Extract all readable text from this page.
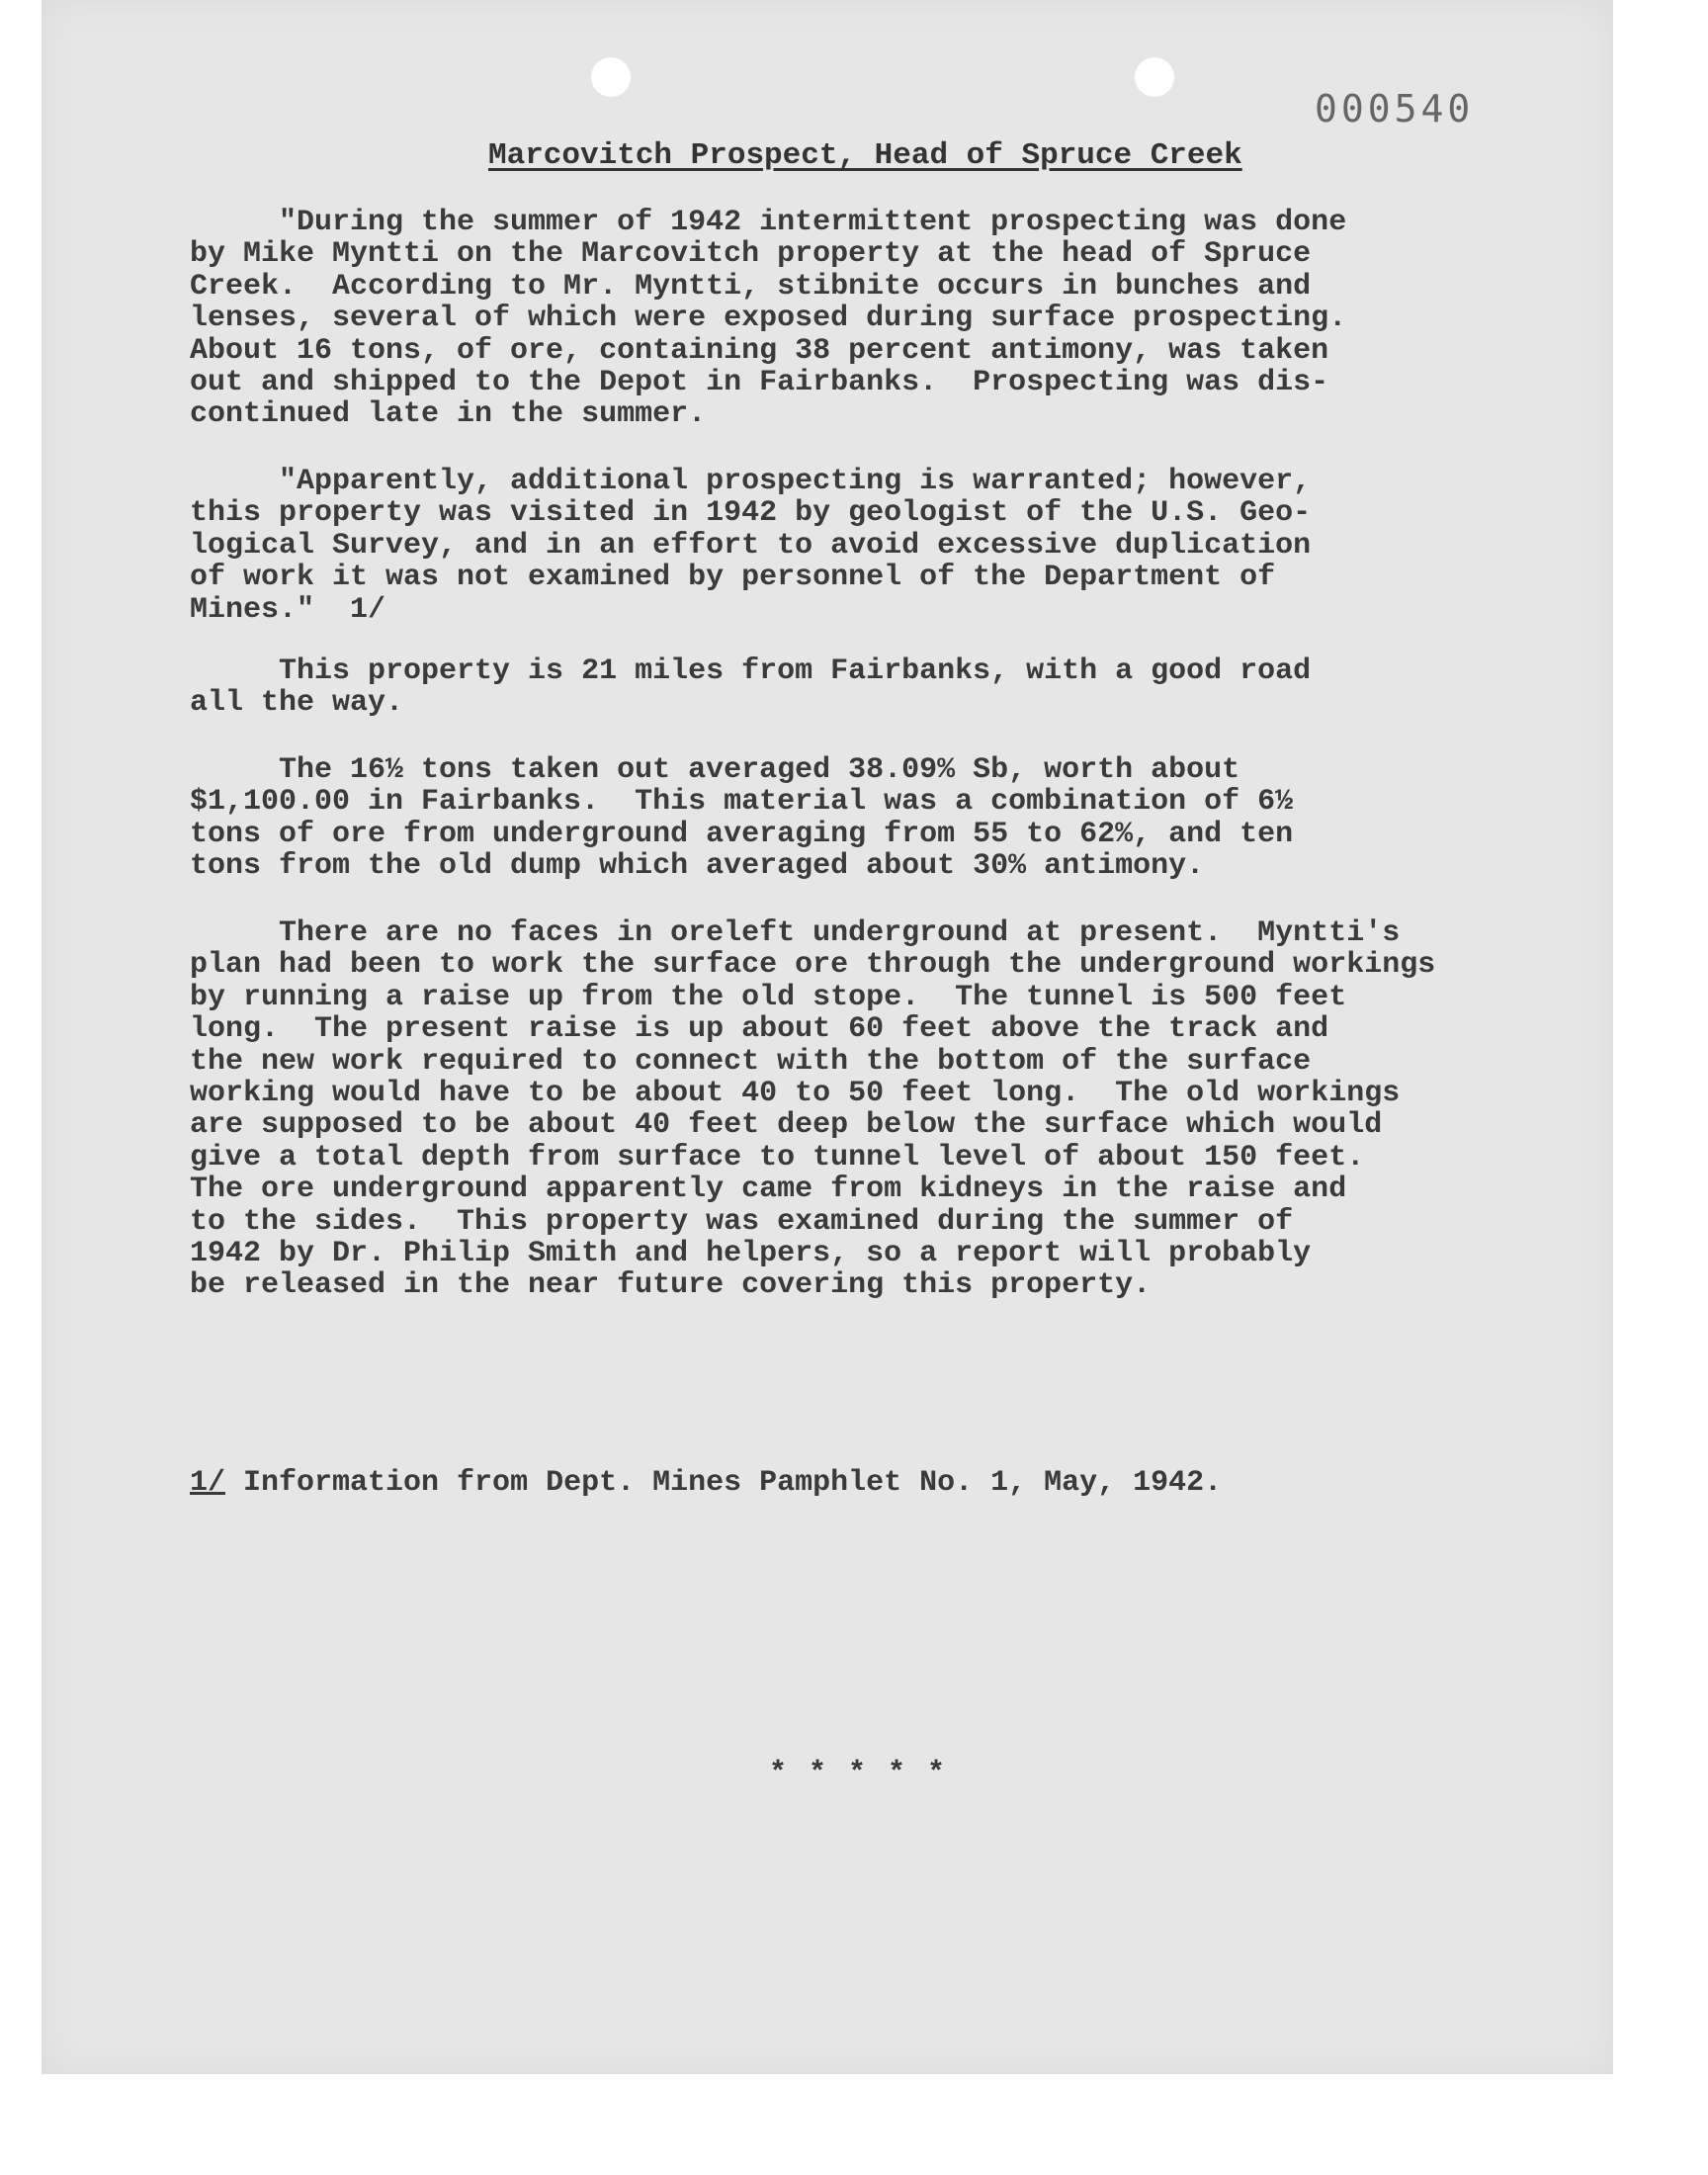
000540
Marcovitch Prospect, Head of Spruce Creek

"During the summer of 1942 intermittent prospecting was done
by Mike Myntti on the Marcovitch property at the head of Spruce
Creek.  According to Mr. Myntti, stibnite occurs in bunches and
lenses, several of which were exposed during surface prospecting.
About 16 tons, of ore, containing 38 percent antimony, was taken
out and shipped to the Depot in Fairbanks.  Prospecting was dis-
continued late in the summer.

"Apparently, additional prospecting is warranted; however,
this property was visited in 1942 by geologist of the U.S. Geo-
logical Survey, and in an effort to avoid excessive duplication
of work it was not examined by personnel of the Department of
Mines."  1/

This property is 21 miles from Fairbanks, with a good road
all the way.

The 16½ tons taken out averaged 38.09% Sb, worth about
$1,100.00 in Fairbanks.  This material was a combination of 6½
tons of ore from underground averaging from 55 to 62%, and ten
tons from the old dump which averaged about 30% antimony.

There are no faces in oreleft underground at present.  Myntti's
plan had been to work the surface ore through the underground workings
by running a raise up from the old stope.  The tunnel is 500 feet
long.  The present raise is up about 60 feet above the track and
the new work required to connect with the bottom of the surface
working would have to be about 40 to 50 feet long.  The old workings
are supposed to be about 40 feet deep below the surface which would
give a total depth from surface to tunnel level of about 150 feet.
The ore underground apparently came from kidneys in the raise and
to the sides.  This property was examined during the summer of
1942 by Dr. Philip Smith and helpers, so a report will probably
be released in the near future covering this property.

1/ Information from Dept. Mines Pamphlet No. 1, May, 1942.

* * * * *
